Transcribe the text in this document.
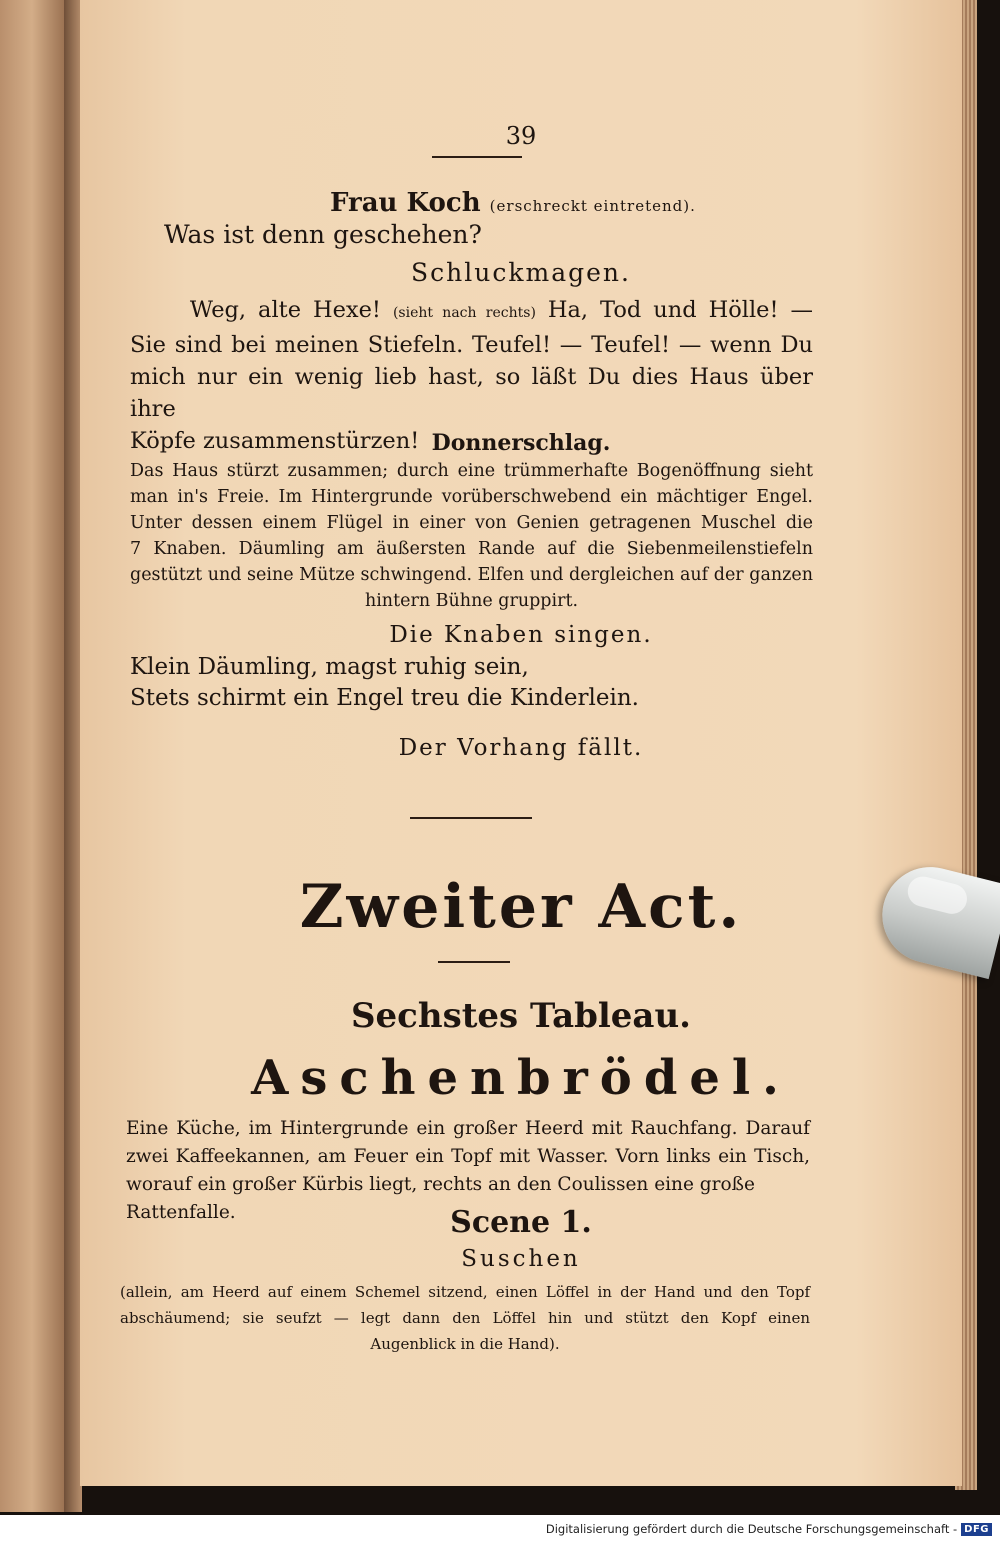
39
Frau Koch (erschreckt eintretend).
Was ist denn geschehen?
Schluckmagen.

Weg, alte Hexe! (sieht nach rechts) Ha, Tod und Hölle! —

Sie sind bei meinen Stiefeln. Teufel! — Teufel! — wenn Du

mich nur ein wenig lieb hast, so läßt Du dies Haus über ihre

Köpfe zusammenstürzen! Donnerschlag.

Das Haus stürzt zusammen; durch eine trümmerhafte Bogenöffnung sieht

man in's Freie. Im Hintergrunde vorüberschwebend ein mächtiger Engel.

Unter dessen einem Flügel in einer von Genien getragenen Muschel die

7 Knaben. Däumling am äußersten Rande auf die Siebenmeilenstiefeln

gestützt und seine Mütze schwingend. Elfen und dergleichen auf der ganzen

hintern Bühne gruppirt.

Die Knaben singen.
Klein Däumling, magst ruhig sein,
Stets schirmt ein Engel treu die Kinderlein.
Der Vorhang fällt.
Zweiter Act.
Sechstes Tableau.
Aschenbrödel.

Eine Küche, im Hintergrunde ein großer Heerd mit Rauchfang. Darauf

zwei Kaffeekannen, am Feuer ein Topf mit Wasser. Vorn links ein Tisch,

worauf ein großer Kürbis liegt, rechts an den Coulissen eine große Rattenfalle.	Scene 1.
Suschen

(allein, am Heerd auf einem Schemel sitzend, einen Löffel in der Hand und den Topf

abschäumend; sie seufzt — legt dann den Löffel hin und stützt den Kopf einen

Augenblick in die Hand).

Digitalisierung gefördert durch die Deutsche Forschungsgemeinschaft - DFG
